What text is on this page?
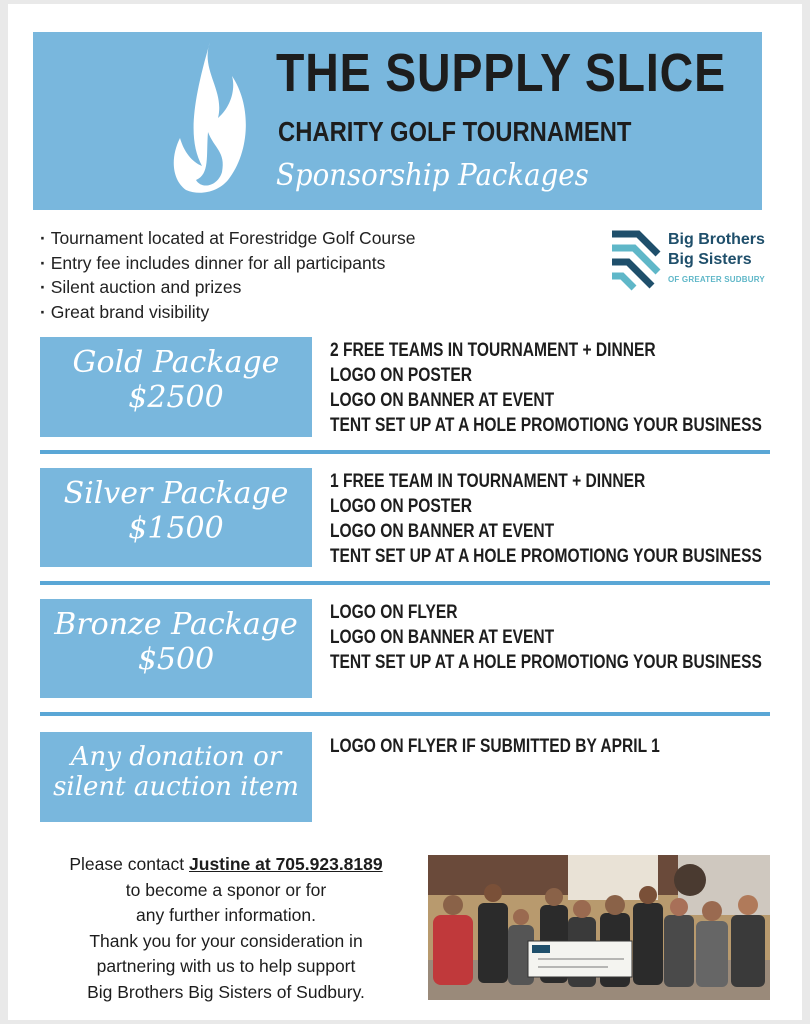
THE SUPPLY SLICE
CHARITY GOLF TOURNAMENT
Sponsorship Packages
· Tournament located at Forestridge Golf Course
· Entry fee includes dinner for all participants
· Silent auction and prizes
· Great brand visibility
Big Brothers
Big Sisters
OF GREATER SUDBURY
Gold Package
$2500
2 FREE TEAMS IN TOURNAMENT + DINNER
LOGO ON POSTER
LOGO ON BANNER AT EVENT
TENT SET UP AT A HOLE PROMOTIONG YOUR BUSINESS
Silver Package
$1500
1 FREE TEAM IN TOURNAMENT + DINNER
LOGO ON POSTER
LOGO ON BANNER AT EVENT
TENT SET UP AT A HOLE PROMOTIONG YOUR BUSINESS
Bronze Package
$500
LOGO ON FLYER
LOGO ON BANNER AT EVENT
TENT SET UP AT A HOLE PROMOTIONG YOUR BUSINESS
Any donation or
silent auction item
LOGO ON FLYER IF SUBMITTED BY APRIL 1
Please contact Justine at 705.923.8189
to become a sponor or for
any further information.
Thank you for your consideration in
partnering with us to help support
Big Brothers Big Sisters of Sudbury.
